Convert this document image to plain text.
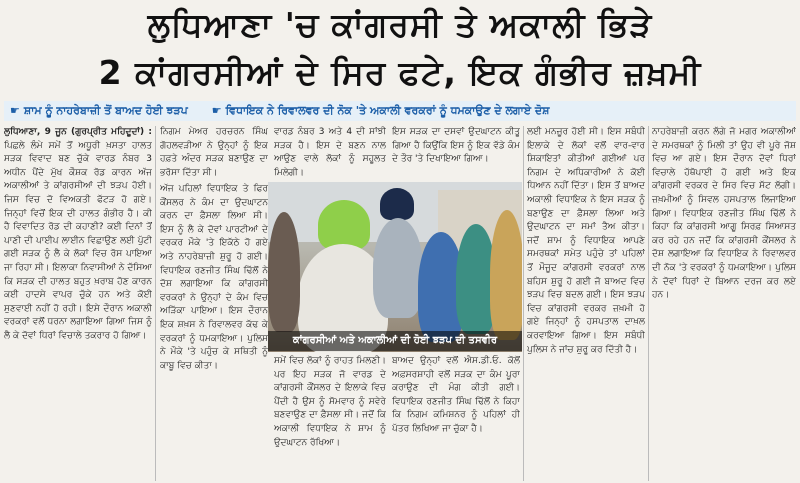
ਲੁਧਿਆਣਾ 'ਚ ਕਾਂਗਰਸੀ ਤੇ ਅਕਾਲੀ ਭਿੜੇ
2 ਕਾਂਗਰਸੀਆਂ ਦੇ ਸਿਰ ਫਟੇ, ਇਕ ਗੰਭੀਰ ਜ਼ਖ਼ਮੀ
☛ ਸ਼ਾਮ ਨੂੰ ਨਾਹਰੇਬਾਜ਼ੀ ਤੋਂ ਬਾਅਦ ਹੋਈ ਝੜਪ ☛ ਵਿਧਾਇਕ ਨੇ ਰਿਵਾਲਵਰ ਦੀ ਨੋਕ 'ਤੇ ਅਕਾਲੀ ਵਰਕਰਾਂ ਨੂੰ ਧਮਕਾਉਣ ਦੇ ਲਗਾਏ ਦੋਸ਼
ਲੁਧਿਆਣਾ, 9 ਜੂਨ (ਗੁਰਪ੍ਰੀਤ ਮਹਿਦੂਦਾਂ) : ਪਿਛਲੇ ਲੰਮੇ ਸਮੇਂ ਤੋਂ ਅਧੂਰੀ ਖ਼ਸਤਾ ਹਾਲਤ ਸੜਕ ਵਿਵਾਦ ਬਣ ਚੁੱਕੇ ਵਾਰਡ ਨੰਬਰ 3 ਅਧੀਨ ਪੈਂਦੇ ਮੁੱਖ ਕੌਸ਼ਕ ਰੋਡ ਕਾਰਨ ਅੱਜ ਅਕਾਲੀਆਂ ਤੇ ਕਾਂਗਰਸੀਆਂ ਦੀ ਝੜਪ ਹੋਈ। ਜਿਸ ਵਿਚ ਦੋ ਵਿਅਕਤੀ ਫੱਟੜ ਹੋ ਗਏ। ਜਿਨ੍ਹਾਂ ਵਿਚੋਂ ਇਕ ਦੀ ਹਾਲਤ ਗੰਭੀਰ ਹੈ। ਕੀ ਹੈ ਵਿਵਾਦਿਤ ਰੋਡ ਦੀ ਕਹਾਣੀ? ਕਈ ਦਿਨਾਂ ਤੋਂ ਪਾਣੀ ਦੀ ਪਾਈਪ ਲਾਈਨ ਵਿਛਾਉਣ ਲਈ ਪੁੱਟੀ ਗਈ ਸੜਕ ਨੂੰ ਲੈ ਕੇ ਲੋਕਾਂ ਵਿਚ ਰੋਸ ਪਾਇਆ ਜਾ ਰਿਹਾ ਸੀ। ਇਲਾਕਾ ਨਿਵਾਸੀਆਂ ਨੇ ਦੱਸਿਆ ਕਿ ਸੜਕ ਦੀ ਹਾਲਤ ਬਹੁਤ ਖ਼ਰਾਬ ਹੋਣ ਕਾਰਨ ਕਈ ਹਾਦਸੇ ਵਾਪਰ ਚੁੱਕੇ ਹਨ ਅਤੇ ਕੋਈ ਸੁਣਵਾਈ ਨਹੀਂ ਹੋ ਰਹੀ। ਇਸੇ ਦੌਰਾਨ ਅਕਾਲੀ ਵਰਕਰਾਂ ਵਲੋਂ ਧਰਨਾ ਲਗਾਇਆ ਗਿਆ ਜਿਸ ਨੂੰ ਲੈ ਕੇ ਦੋਵਾਂ ਧਿਰਾਂ ਵਿਚਾਲੇ ਤਕਰਾਰ ਹੋ ਗਿਆ।
ਨਿਗਮ ਮੇਅਰ ਹਰਚਰਨ ਸਿੰਘ ਗੋਹਲਵੜੀਆ ਨੇ ਉਨ੍ਹਾਂ ਨੂੰ ਇਕ ਹਫ਼ਤੇ ਅੰਦਰ ਸੜਕ ਬਣਾਉਣ ਦਾ ਭਰੋਸਾ ਦਿੱਤਾ ਸੀ।
ਅੱਜ ਪਹਿਲਾਂ ਵਿਧਾਇਕ ਤੇ ਫਿਰ ਕੌਂਸਲਰ ਨੇ ਕੰਮ ਦਾ ਉਦਘਾਟਨ ਕਰਨ ਦਾ ਫ਼ੈਸਲਾ ਲਿਆ ਸੀ। ਇਸ ਨੂੰ ਲੈ ਕੇ ਦੋਵਾਂ ਪਾਰਟੀਆਂ ਦੇ ਵਰਕਰ ਮੌਕੇ 'ਤੇ ਇਕੱਠੇ ਹੋ ਗਏ ਅਤੇ ਨਾਹਰੇਬਾਜ਼ੀ ਸ਼ੁਰੂ ਹੋ ਗਈ। ਵਿਧਾਇਕ ਰਣਜੀਤ ਸਿੰਘ ਢਿੱਲੋਂ ਨੇ ਦੋਸ਼ ਲਗਾਇਆ ਕਿ ਕਾਂਗਰਸੀ ਵਰਕਰਾਂ ਨੇ ਉਨ੍ਹਾਂ ਦੇ ਕੰਮ ਵਿਚ ਅੜਿੱਕਾ ਪਾਇਆ। ਇਸ ਦੌਰਾਨ ਇਕ ਸ਼ਖ਼ਸ ਨੇ ਰਿਵਾਲਵਰ ਕੱਢ ਕੇ ਵਰਕਰਾਂ ਨੂੰ ਧਮਕਾਇਆ। ਪੁਲਿਸ ਨੇ ਮੌਕੇ 'ਤੇ ਪਹੁੰਚ ਕੇ ਸਥਿਤੀ ਨੂੰ ਕਾਬੂ ਵਿਚ ਕੀਤਾ।
ਵਾਰਡ ਨੰਬਰ 3 ਅਤੇ 4 ਦੀ ਸਾਂਝੀ ਸੜਕ ਹੈ। ਇਸ ਦੇ ਬਣਨ ਨਾਲ ਆਉਣ ਵਾਲੇ ਲੋਕਾਂ ਨੂੰ ਸਹੂਲਤ ਮਿਲੇਗੀ।
ਸਮੇਂ ਵਿਚ ਲੋਕਾਂ ਨੂੰ ਰਾਹਤ ਮਿਲਣੀ। ਪਰ ਇਹ ਸੜਕ ਜੋ ਵਾਰਡ ਦੇ ਕਾਂਗਰਸੀ ਕੌਂਸਲਰ ਦੇ ਇਲਾਕੇ ਵਿਚ ਪੈਂਦੀ ਹੈ ਉਸ ਨੂੰ ਸੋਮਵਾਰ ਨੂੰ ਸਵੇਰੇ ਬਣਵਾਉਣ ਦਾ ਫ਼ੈਸਲਾ ਸੀ। ਜਦੋਂ ਕਿ ਅਕਾਲੀ ਵਿਧਾਇਕ ਨੇ ਸ਼ਾਮ ਨੂੰ ਉਦਘਾਟਨ ਰੱਖਿਆ।
ਇਸ ਸੜਕ ਦਾ ਦਸਵਾਂ ਉਦਘਾਟਨ ਕੀਤੂ ਗਿਆ ਹੈ ਕਿਉਂਕਿ ਇਸ ਨੂੰ ਇਕ ਵੱਡੇ ਕੰਮ ਦੇ ਤੌਰ 'ਤੇ ਦਿਖਾਇਆ ਗਿਆ।
ਬਾਅਦ ਉਨ੍ਹਾਂ ਵਲੋਂ ਐਸ.ਡੀ.ਓ. ਕੋਲੋਂ ਅਫ਼ਸਰਸ਼ਾਹੀ ਵਲੋਂ ਸੜਕ ਦਾ ਕੰਮ ਪੂਰਾ ਕਰਾਉਣ ਦੀ ਮੰਗ ਕੀਤੀ ਗਈ। ਵਿਧਾਇਕ ਰਣਜੀਤ ਸਿੰਘ ਢਿੱਲੋਂ ਨੇ ਕਿਹਾ ਕਿ ਨਿਗਮ ਕਮਿਸ਼ਨਰ ਨੂੰ ਪਹਿਲਾਂ ਹੀ ਪੱਤਰ ਲਿਖਿਆ ਜਾ ਚੁੱਕਾ ਹੈ।
ਲਈ ਮਨਜ਼ੂਰ ਹੋਈ ਸੀ। ਇਸ ਸਬੰਧੀ ਇਲਾਕੇ ਦੇ ਲੋਕਾਂ ਵਲੋਂ ਵਾਰ-ਵਾਰ ਸ਼ਿਕਾਇਤਾਂ ਕੀਤੀਆਂ ਗਈਆਂ ਪਰ ਨਿਗਮ ਦੇ ਅਧਿਕਾਰੀਆਂ ਨੇ ਕੋਈ ਧਿਆਨ ਨਹੀਂ ਦਿੱਤਾ। ਇਸ ਤੋਂ ਬਾਅਦ ਅਕਾਲੀ ਵਿਧਾਇਕ ਨੇ ਇਸ ਸੜਕ ਨੂੰ ਬਣਾਉਣ ਦਾ ਫ਼ੈਸਲਾ ਲਿਆ ਅਤੇ ਉਦਘਾਟਨ ਦਾ ਸਮਾਂ ਤੈਅ ਕੀਤਾ। ਜਦੋਂ ਸ਼ਾਮ ਨੂੰ ਵਿਧਾਇਕ ਆਪਣੇ ਸਮਰਥਕਾਂ ਸਮੇਤ ਪਹੁੰਚੇ ਤਾਂ ਪਹਿਲਾਂ ਤੋਂ ਮੌਜੂਦ ਕਾਂਗਰਸੀ ਵਰਕਰਾਂ ਨਾਲ ਬਹਿਸ ਸ਼ੁਰੂ ਹੋ ਗਈ ਜੋ ਬਾਅਦ ਵਿਚ ਝੜਪ ਵਿਚ ਬਦਲ ਗਈ। ਇਸ ਝੜਪ ਵਿਚ ਕਾਂਗਰਸੀ ਵਰਕਰ ਜ਼ਖ਼ਮੀ ਹੋ ਗਏ ਜਿਨ੍ਹਾਂ ਨੂੰ ਹਸਪਤਾਲ ਦਾਖ਼ਲ ਕਰਵਾਇਆ ਗਿਆ। ਇਸ ਸਬੰਧੀ ਪੁਲਿਸ ਨੇ ਜਾਂਚ ਸ਼ੁਰੂ ਕਰ ਦਿੱਤੀ ਹੈ।
ਨਾਹਰੇਬਾਜ਼ੀ ਕਰਨ ਲੱਗੇ ਜੋ ਮਗਰ ਅਕਾਲੀਆਂ ਦੇ ਸਮਰਥਕਾਂ ਨੂੰ ਮਿਲੀ ਤਾਂ ਉਹ ਵੀ ਪੂਰੇ ਜੋਸ਼ ਵਿਚ ਆ ਗਏ। ਇਸ ਦੌਰਾਨ ਦੋਵਾਂ ਧਿਰਾਂ ਵਿਚਾਲੇ ਹੱਥੋਪਾਈ ਹੋ ਗਈ ਅਤੇ ਇਕ ਕਾਂਗਰਸੀ ਵਰਕਰ ਦੇ ਸਿਰ ਵਿਚ ਸੱਟ ਲੱਗੀ। ਜ਼ਖ਼ਮੀਆਂ ਨੂੰ ਸਿਵਲ ਹਸਪਤਾਲ ਲਿਜਾਇਆ ਗਿਆ। ਵਿਧਾਇਕ ਰਣਜੀਤ ਸਿੰਘ ਢਿੱਲੋਂ ਨੇ ਕਿਹਾ ਕਿ ਕਾਂਗਰਸੀ ਆਗੂ ਸਿਰਫ਼ ਸਿਆਸਤ ਕਰ ਰਹੇ ਹਨ ਜਦੋਂ ਕਿ ਕਾਂਗਰਸੀ ਕੌਂਸਲਰ ਨੇ ਦੋਸ਼ ਲਗਾਇਆ ਕਿ ਵਿਧਾਇਕ ਨੇ ਰਿਵਾਲਵਰ ਦੀ ਨੋਕ 'ਤੇ ਵਰਕਰਾਂ ਨੂੰ ਧਮਕਾਇਆ। ਪੁਲਿਸ ਨੇ ਦੋਵਾਂ ਧਿਰਾਂ ਦੇ ਬਿਆਨ ਦਰਜ ਕਰ ਲਏ ਹਨ।
ਕਾਂਗਰਸੀਆਂ ਅਤੇ ਅਕਾਲੀਆਂ ਦੀ ਹੋਈ ਝੜਪ ਦੀ ਤਸਵੀਰ
